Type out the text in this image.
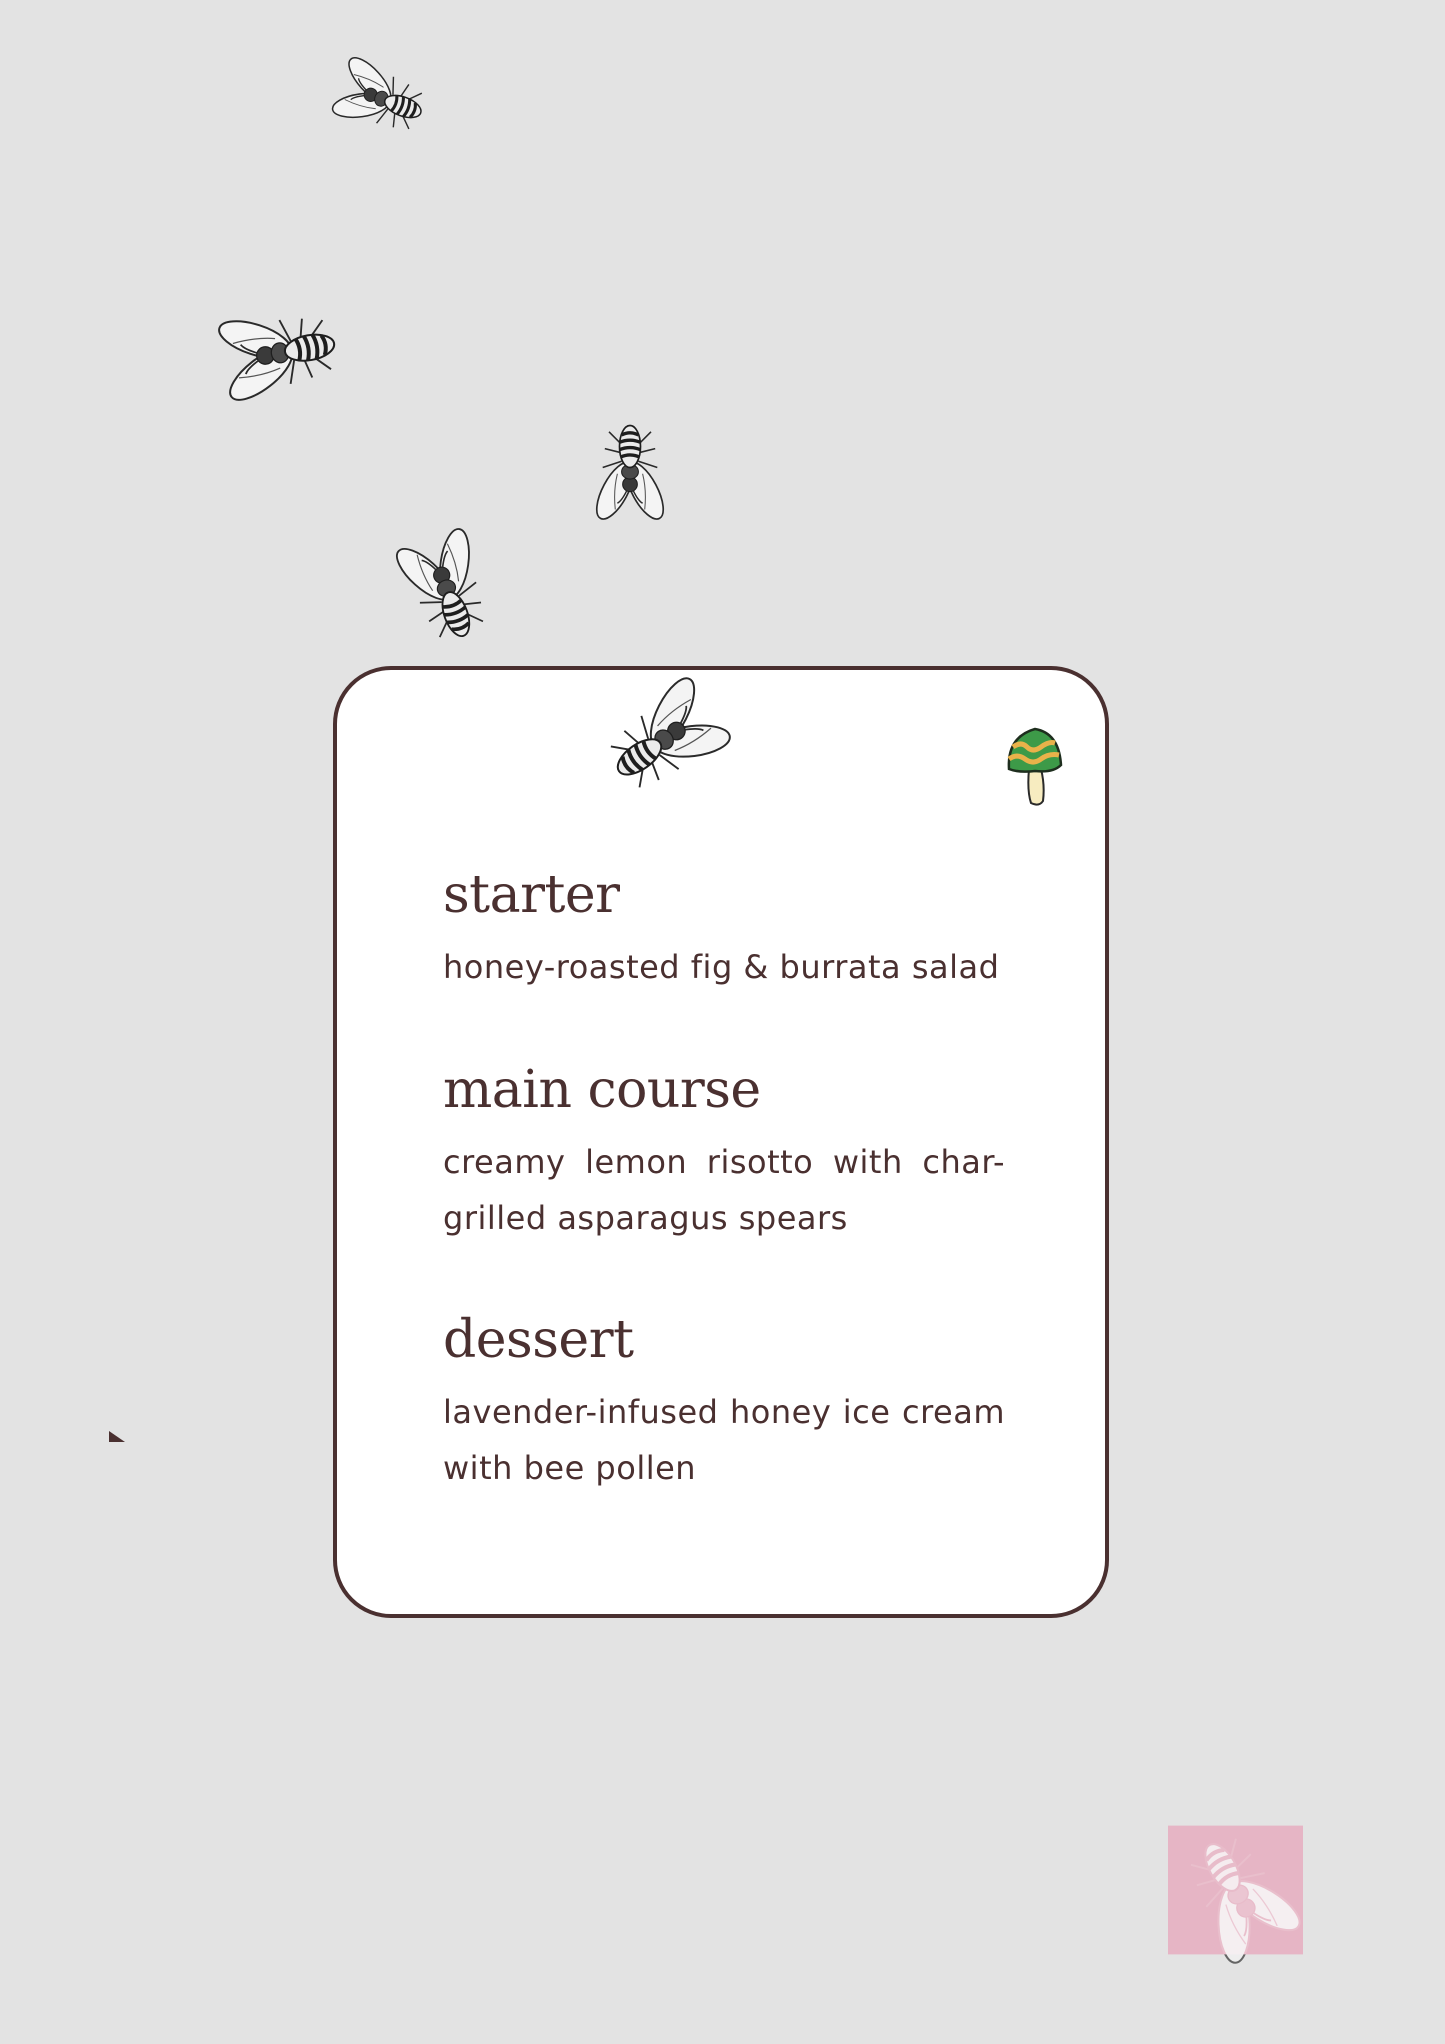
starter

honey-roasted fig & burrata salad

main course

creamy lemon risotto with char-grilled asparagus spears

dessert

lavender-infused honey ice cream with bee pollen
